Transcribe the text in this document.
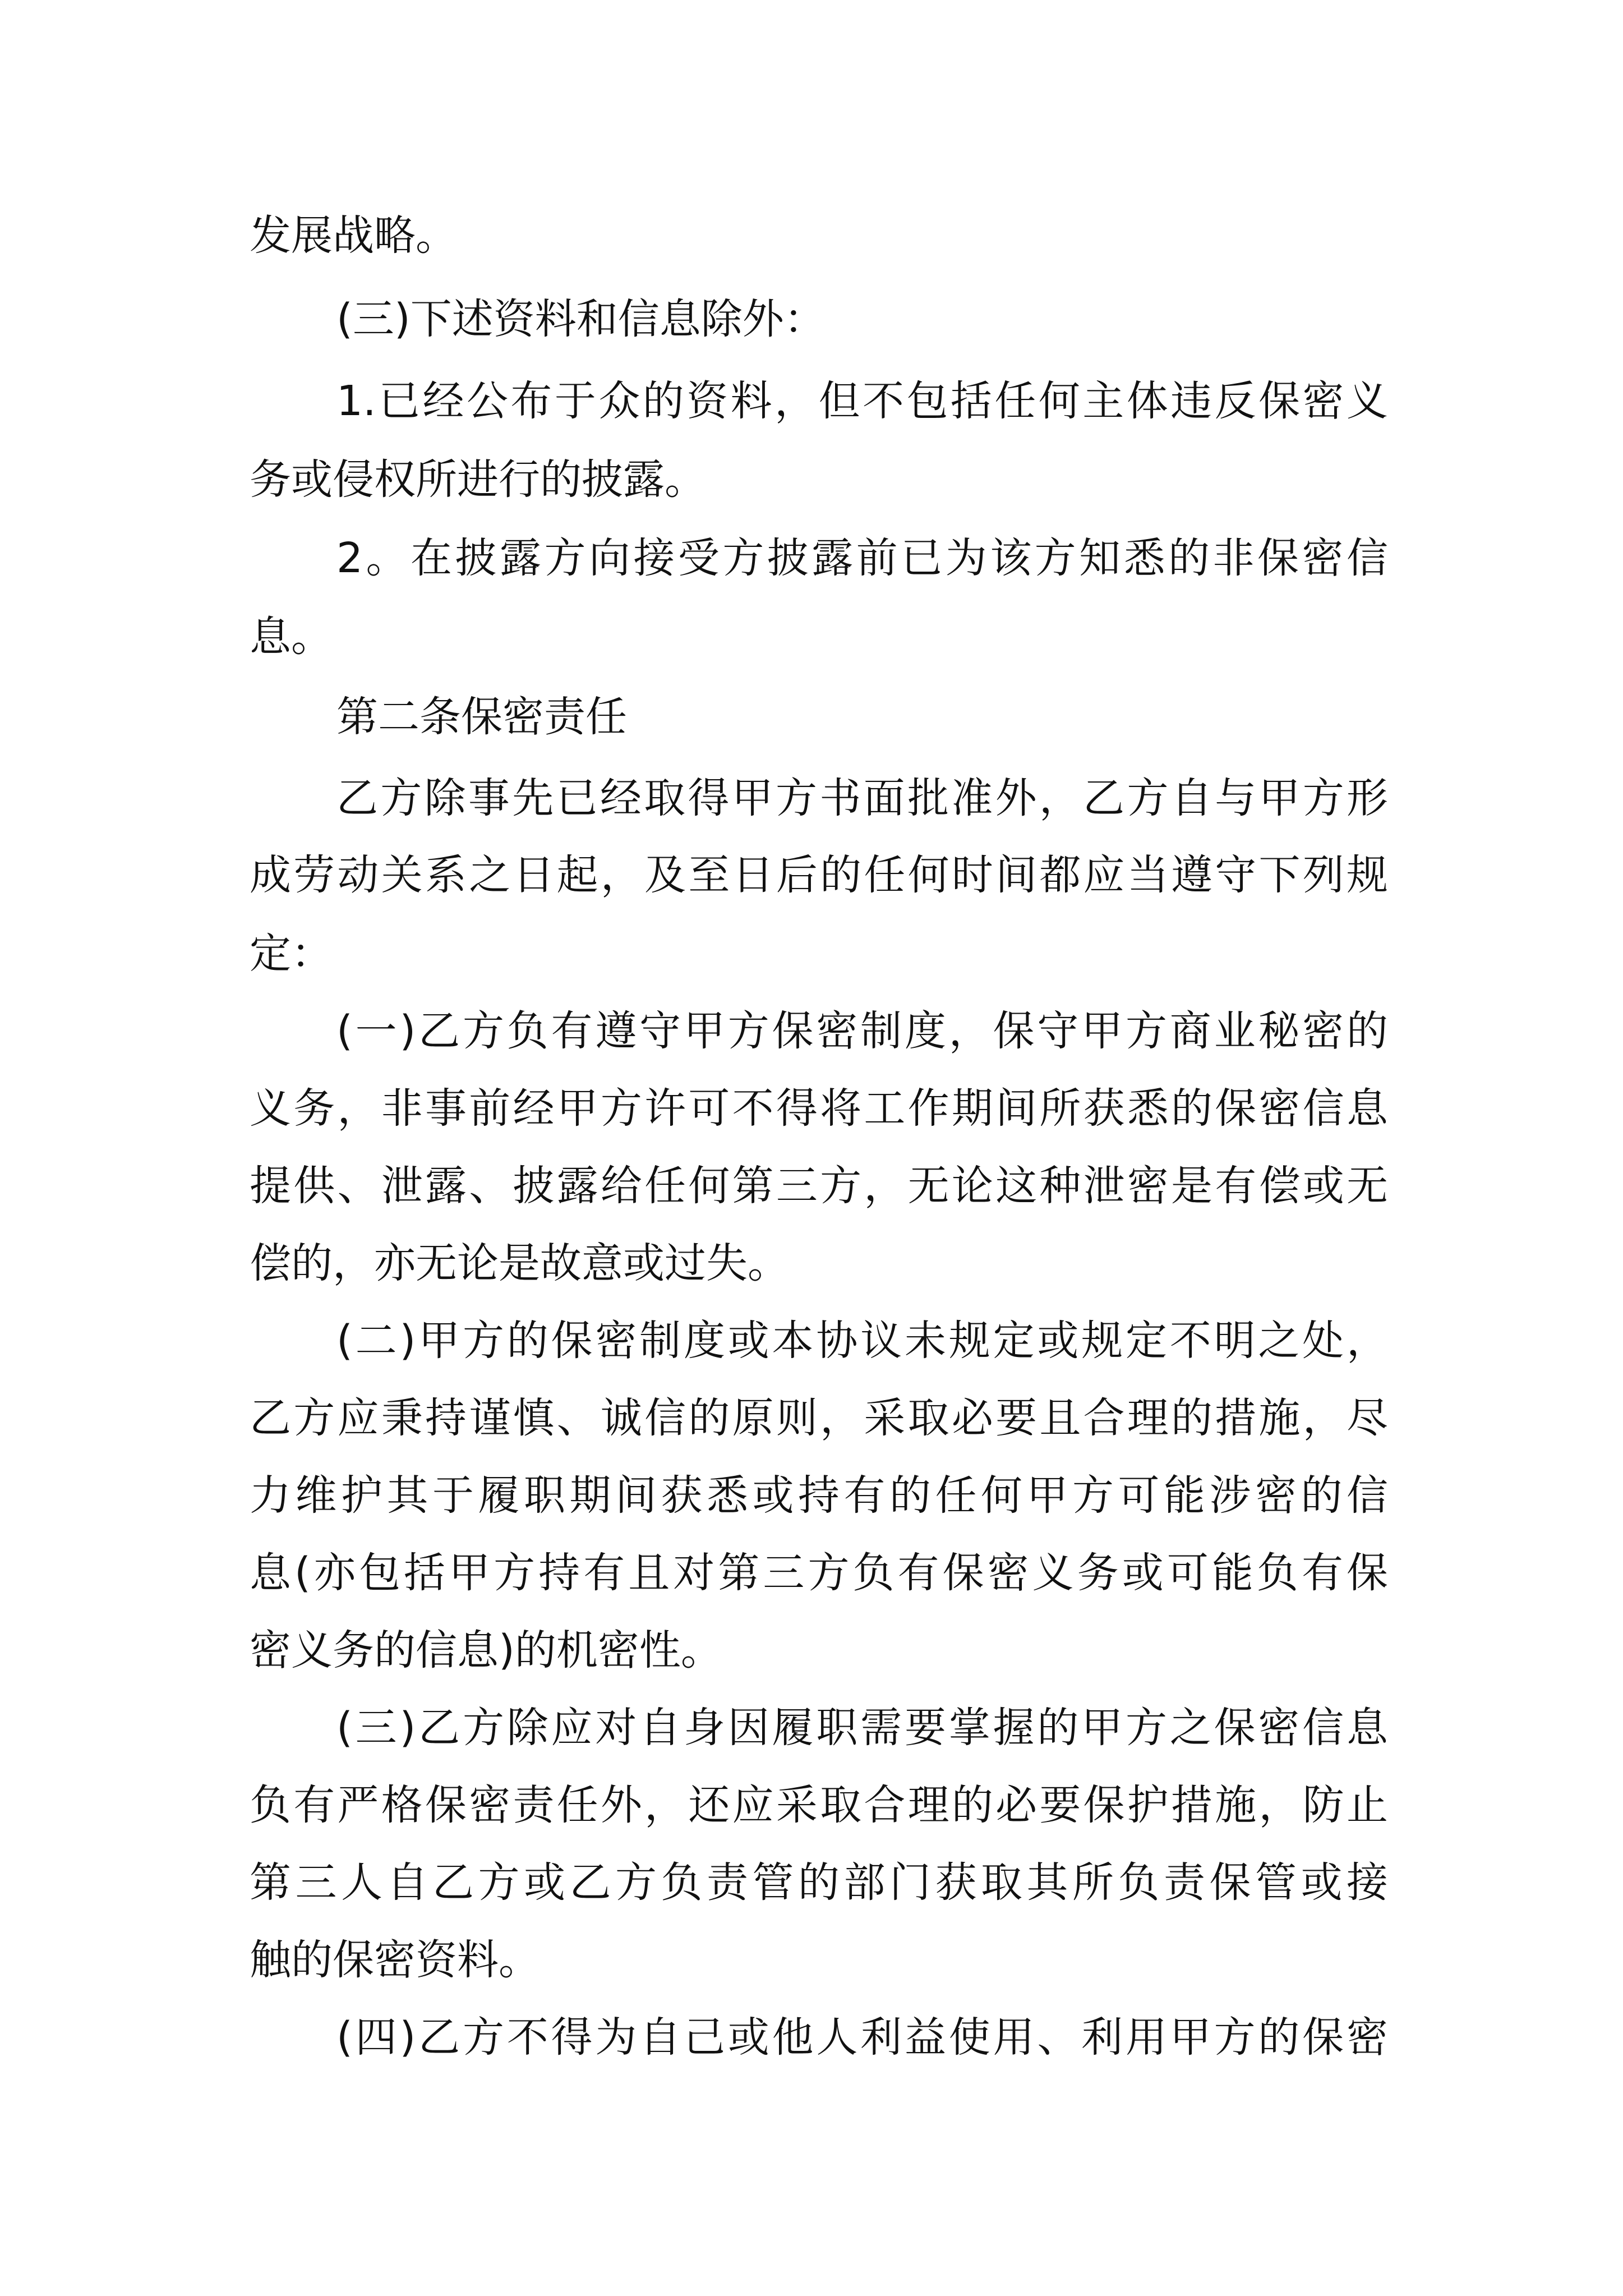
发展战略。
(三)下述资料和信息除外：
1.已经公布于众的资料，但不包括任何主体违反保密义
务或侵权所进行的披露。
2。在披露方向接受方披露前已为该方知悉的非保密信
息。
第二条保密责任
乙方除事先已经取得甲方书面批准外，乙方自与甲方形
成劳动关系之日起，及至日后的任何时间都应当遵守下列规
定：
(一)乙方负有遵守甲方保密制度，保守甲方商业秘密的
义务，非事前经甲方许可不得将工作期间所获悉的保密信息
提供、泄露、披露给任何第三方，无论这种泄密是有偿或无
偿的，亦无论是故意或过失。
(二)甲方的保密制度或本协议未规定或规定不明之处，
乙方应秉持谨慎、诚信的原则，采取必要且合理的措施，尽
力维护其于履职期间获悉或持有的任何甲方可能涉密的信
息(亦包括甲方持有且对第三方负有保密义务或可能负有保
密义务的信息)的机密性。
(三)乙方除应对自身因履职需要掌握的甲方之保密信息
负有严格保密责任外，还应采取合理的必要保护措施，防止
第三人自乙方或乙方负责管的部门获取其所负责保管或接
触的保密资料。
(四)乙方不得为自己或他人利益使用、利用甲方的保密
